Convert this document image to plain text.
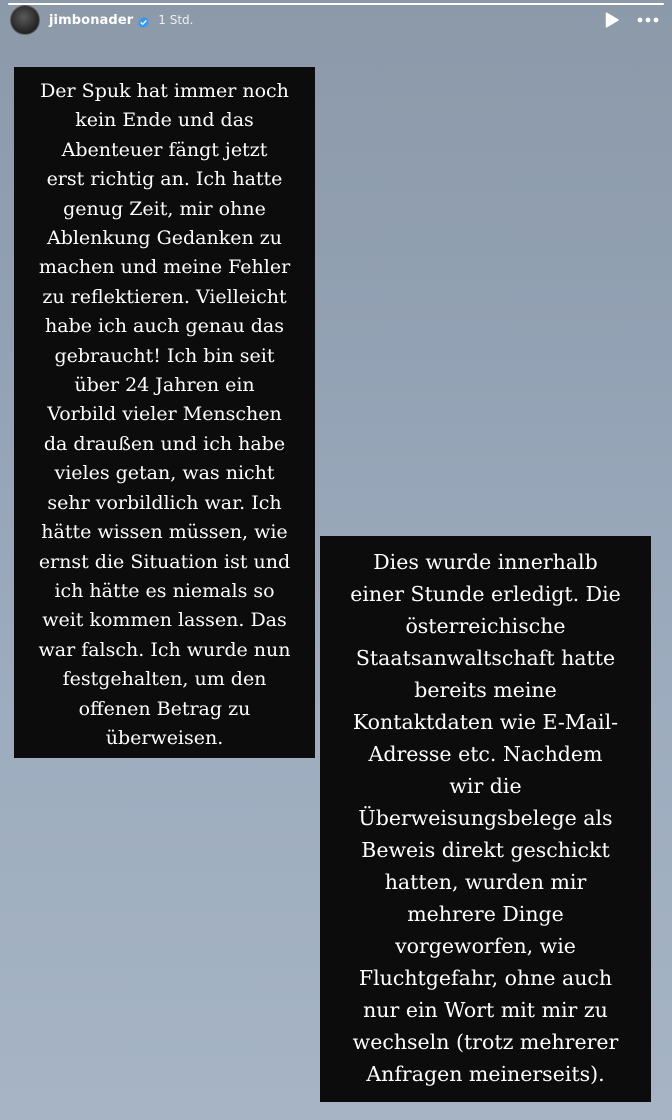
jimbonader 1 Std.
Der Spuk hat immer noch
kein Ende und das
Abenteuer fängt jetzt
erst richtig an. Ich hatte
genug Zeit, mir ohne
Ablenkung Gedanken zu
machen und meine Fehler
zu reflektieren. Vielleicht
habe ich auch genau das
gebraucht! Ich bin seit
über 24 Jahren ein
Vorbild vieler Menschen
da draußen und ich habe
vieles getan, was nicht
sehr vorbildlich war. Ich
hätte wissen müssen, wie
ernst die Situation ist und
ich hätte es niemals so
weit kommen lassen. Das
war falsch. Ich wurde nun
festgehalten, um den
offenen Betrag zu
überweisen.
Dies wurde innerhalb
einer Stunde erledigt. Die
österreichische
Staatsanwaltschaft hatte
bereits meine
Kontaktdaten wie E-Mail-
Adresse etc. Nachdem
wir die
Überweisungsbelege als
Beweis direkt geschickt
hatten, wurden mir
mehrere Dinge
vorgeworfen, wie
Fluchtgefahr, ohne auch
nur ein Wort mit mir zu
wechseln (trotz mehrerer
Anfragen meinerseits).
